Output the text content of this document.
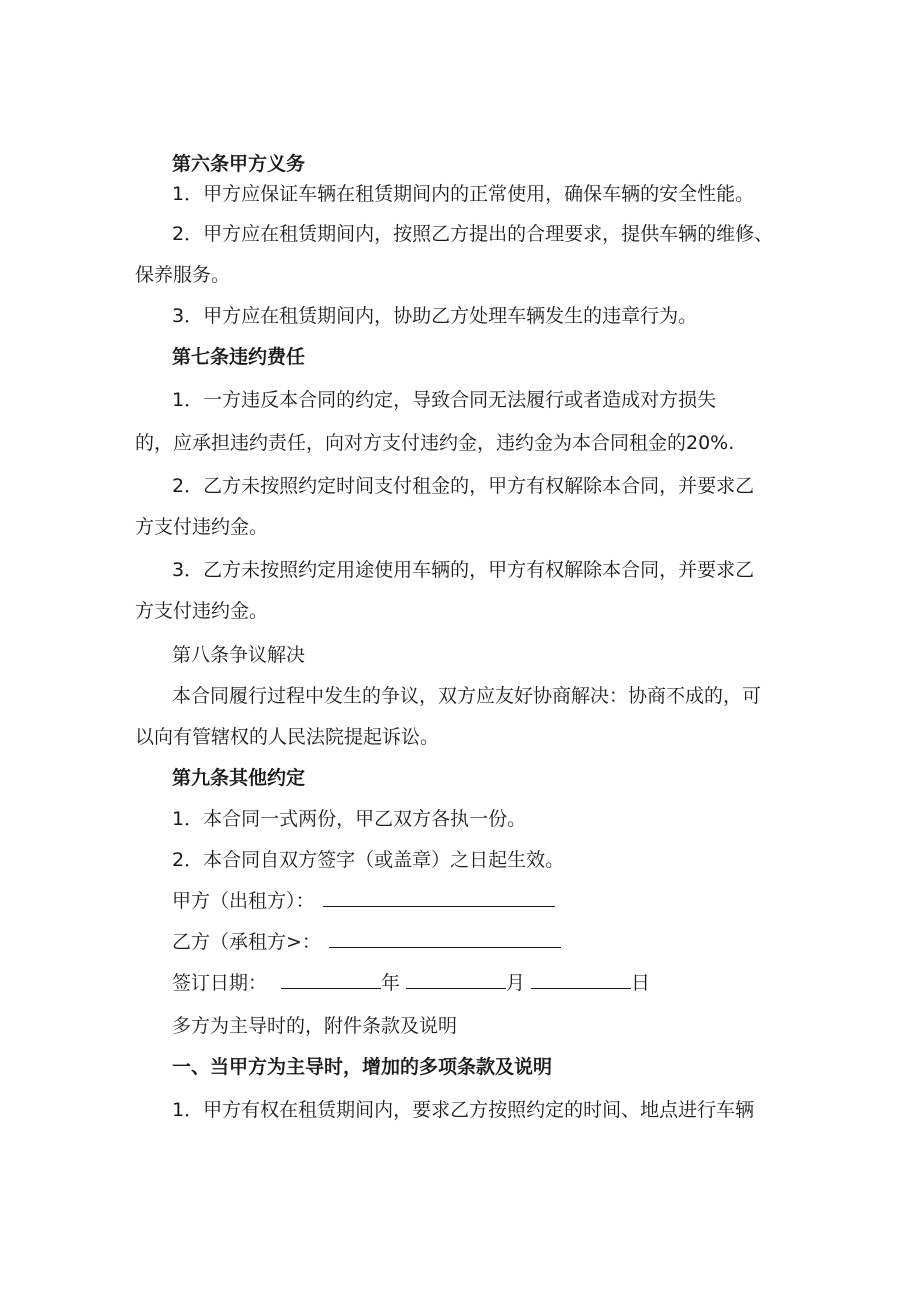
第六条甲方义务
1．甲方应保证车辆在租赁期间内的正常使用，确保车辆的安全性能。
2．甲方应在租赁期间内，按照乙方提出的合理要求，提供车辆的维修、
保养服务。
3．甲方应在租赁期间内，协助乙方处理车辆发生的违章行为。
第七条违约费任
1．一方违反本合同的约定，导致合同无法履行或者造成对方损失
的，应承担违约责任，向对方支付违约金，违约金为本合同租金的20%.
2．乙方未按照约定时间支付租金的，甲方有权解除本合同，并要求乙
方支付违约金。
3．乙方未按照约定用途使用车辆的，甲方有权解除本合同，并要求乙
方支付违约金。
第八条争议解决
本合同履行过程中发生的争议，双方应友好协商解决：协商不成的，可
以向有管辖权的人民法院提起诉讼。
第九条其他约定
1．本合同一式两份，甲乙双方各执一份。
2．本合同自双方签字（或盖章）之日起生效。
甲方（出租方）：
乙方（承租方>：
签订日期：	年	月	日
多方为主导时的，附件条款及说明
一、当甲方为主导时，增加的多项条款及说明
1．甲方有权在租赁期间内，要求乙方按照约定的时间、地点进行车辆
